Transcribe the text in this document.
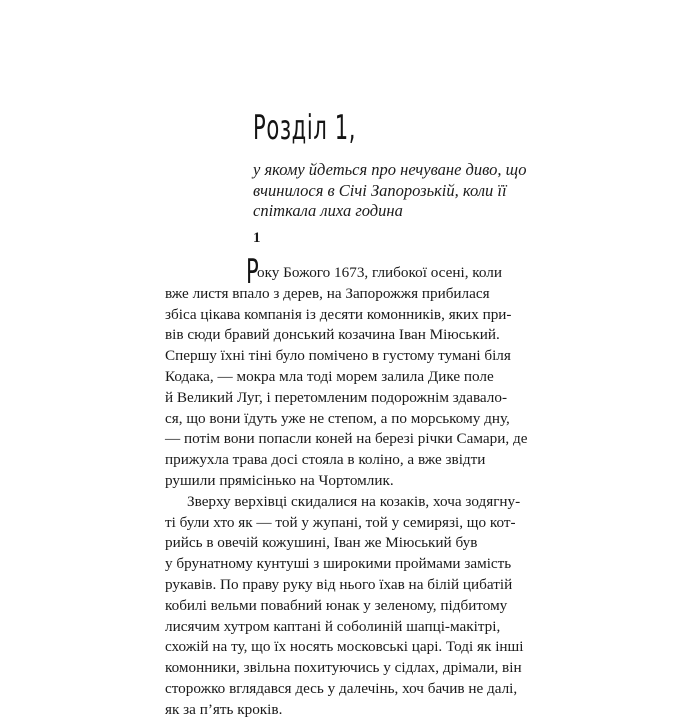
Розділ 1,
у якому йдеться про нечуване диво, що
вчинилося в Січі Запорозькій, коли її
спіткала лиха година
1
Р
оку Божого 1673, глибокої осені, коли
вже листя впало з дерев, на Запорожжя прибилася
збіса цікава компанія із десяти комонників, яких при-
вів сюди бравий донський козачина Іван Міюський.
Спершу їхні тіні було помічено в густому тумані біля
Кодака, — мокра мла тоді морем залила Дике поле
й Великий Луг, і перетомленим подорожнім здавало-
ся, що вони їдуть уже не степом, а по морському дну,
— потім вони попасли коней на березі річки Самари, де
прижухла трава досі стояла в коліно, а вже звідти
рушили прямісінько на Чортомлик.
Зверху верхівці скидалися на козаків, хоча зодягну-
ті були хто як — той у жупані, той у семирязі, що кот-
рийсь в овечій кожушині, Іван же Міюський був
у брунатному кунтуші з широкими проймами замість
рукавів. По праву руку від нього їхав на білій цибатій
кобилі вельми повабний юнак у зеленому, підбитому
лисячим хутром каптані й соболиній шапці-макітрі,
схожій на ту, що їх носять московські царі. Тоді як інші
комонники, звільна похитуючись у сідлах, дрімали, він
сторожко вглядався десь у далечінь, хоч бачив не далі,
як за п’ять кроків.
